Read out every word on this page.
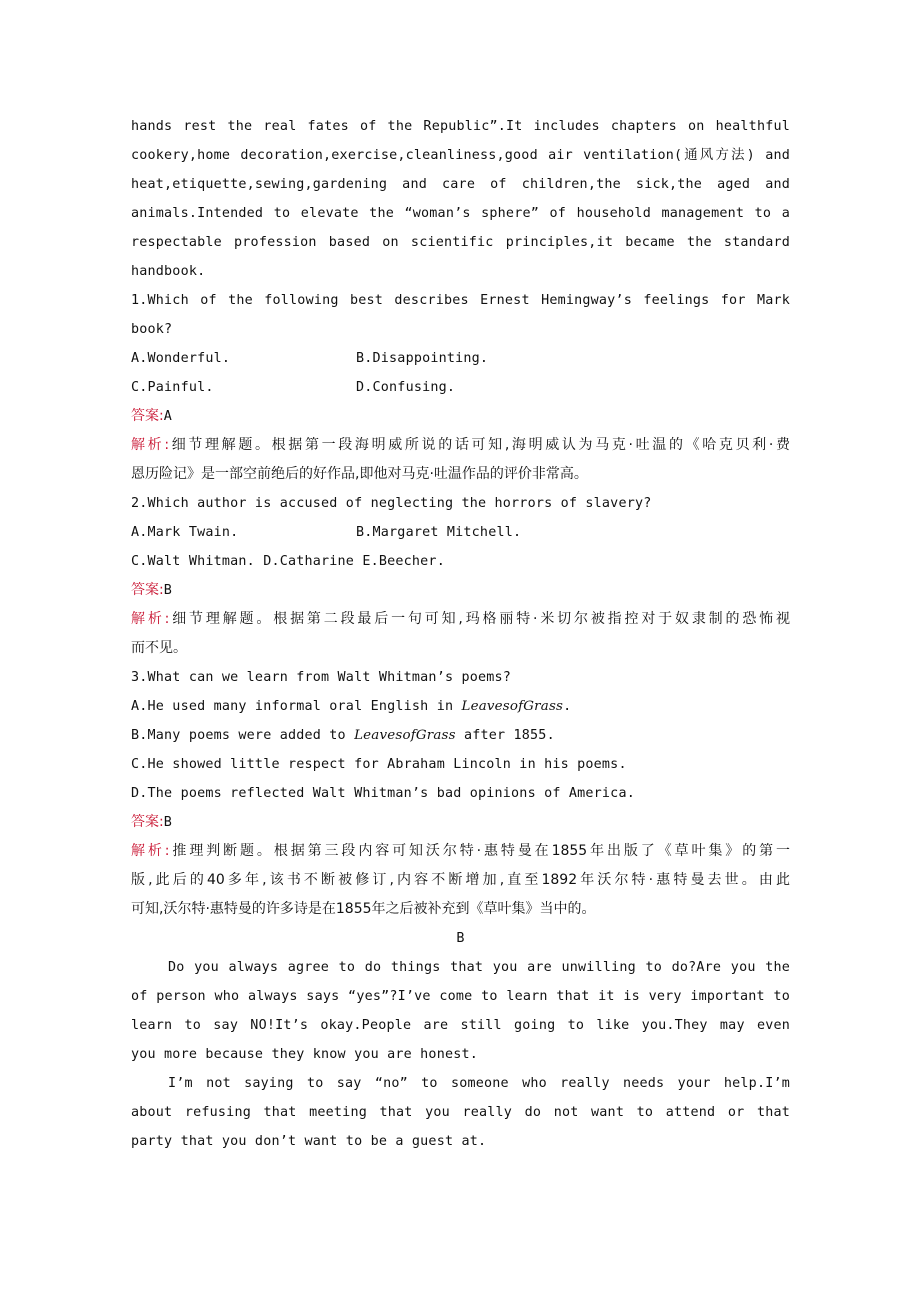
hands rest the real fates of the Republic”.It includes chapters on healthful
cookery,home decoration,exercise,cleanliness,good air ventilation(通风方法) and
heat,etiquette,sewing,gardening and care of children,the sick,the aged and
animals.Intended to elevate the “woman’s sphere” of household management to a
respectable profession based on scientific principles,it became the standard
handbook.
1.Which of the following best describes Ernest Hemingway’s feelings for Mark
book?
A.Wonderful.	B.Disappointing.
C.Painful.	D.Confusing.
答案:A
解析:细节理解题。根据第一段海明威所说的话可知,海明威认为马克·吐温的《哈克贝利·费
恩历险记》是一部空前绝后的好作品,即他对马克·吐温作品的评价非常高。
2.Which author is accused of neglecting the horrors of slavery?
A.Mark Twain.	B.Margaret Mitchell.
C.Walt Whitman. D.Catharine E.Beecher.
答案:B
解析:细节理解题。根据第二段最后一句可知,玛格丽特·米切尔被指控对于奴隶制的恐怖视
而不见。
3.What can we learn from Walt Whitman’s poems?
A.He used many informal oral English in LeavesofGrass.
B.Many poems were added to LeavesofGrass after 1855.
C.He showed little respect for Abraham Lincoln in his poems.
D.The poems reflected Walt Whitman’s bad opinions of America.
答案:B
解析:推理判断题。根据第三段内容可知沃尔特·惠特曼在1855年出版了《草叶集》的第一
版,此后的40多年,该书不断被修订,内容不断增加,直至1892年沃尔特·惠特曼去世。由此
可知,沃尔特·惠特曼的许多诗是在1855年之后被补充到《草叶集》当中的。
B
Do you always agree to do things that you are unwilling to do?Are you the
of person who always says “yes”?I’ve come to learn that it is very important to
learn to say NO!It’s okay.People are still going to like you.They may even
you more because they know you are honest.
I’m not saying to say “no” to someone who really needs your help.I’m
about refusing that meeting that you really do not want to attend or that
party that you don’t want to be a guest at.
